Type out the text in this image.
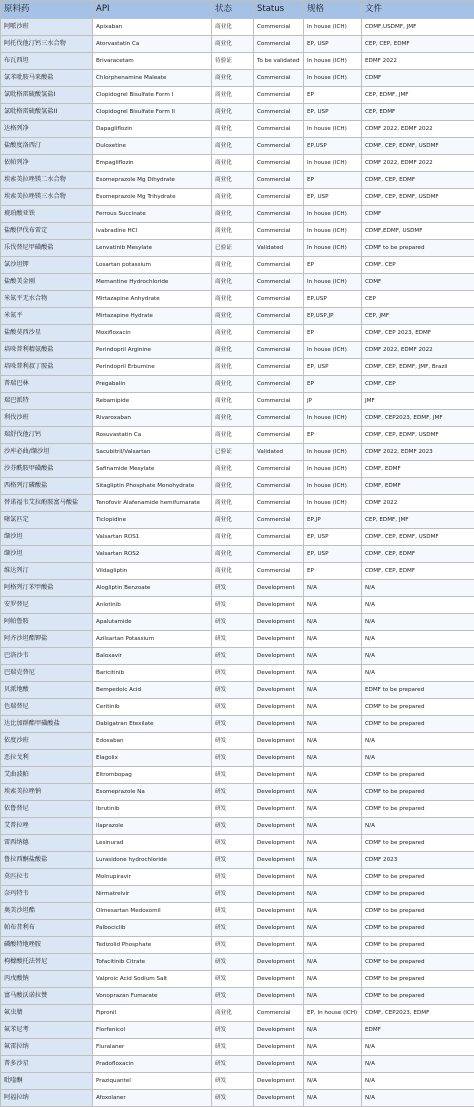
原料药	API	状态	Status	规格	文件
阿哌沙班	Apixaban	商业化	Commercial	In house (ICH)	CDMF,USDMF, JMF
阿托伐他汀钙三水合物	Atorvastatin Ca	商业化	Commercial	EP, USP	CEP, CEP, EDMF
布瓦西坦	Brivaracetam	待验证	To be validated	In house (ICH)	EDMF 2022
氯苯吡胺马来酸盐	Chlorphenamine Maleate	商业化	Commercial	In house (ICH)	CDMF
氯吡格雷硫酸氢盐I	Clopidogrel Bisulfate Form I	商业化	Commercial	EP	CEP, EDMF, JMF
氯吡格雷硫酸氢盐II	Clopidogrel Bisulfate Form II	商业化	Commercial	EP, USP	CEP, EDMF
达格列净	Dapagliflozin	商业化	Commercial	In house (ICH)	CDMF 2022, EDMF 2022
盐酸度洛西汀	Duloxetine	商业化	Commercial	EP,USP	CDMF, CEP, EDMF, USDMF
依帕列净	Empagliflozin	商业化	Commercial	In house (ICH)	CDMF 2022, EDMF 2022
埃索美拉唑镁二水合物	Esomeprazole Mg Dihydrate	商业化	Commercial	EP	CDMF, CEP, EDMF
埃索美拉唑镁三水合物	Esomeprazole Mg Trihydrate	商业化	Commercial	EP, USP	CDMF, CEP, EDMF, USDMF
琥珀酸亚铁	Ferrous Succinate	商业化	Commercial	In house (ICH)	CDMF
盐酸伊伐布雷定	Ivabradine HCl	商业化	Commercial	In house (ICH)	CDMF,EDMF, USDMF
乐伐替尼甲磺酸盐	Lenvatinib Mesylate	已验证	Validated	In house (ICH)	CDMF to be prepared
氯沙坦钾	Losartan potassium	商业化	Commercial	EP	CDMF, CEP
盐酸美金刚	Memantine Hydrochloride	商业化	Commercial	In house (ICH)	CDMF
米氮平无水合物	Mirtazapine Anhydrate	商业化	Commercial	EP,USP	CEP
米氮平	Mirtazapine Hydrate	商业化	Commercial	EP,USP,JP	CEP, JMF
盐酸莫西沙星	Moxifloxacin	商业化	Commercial	EP	CDMF, CEP 2023, EDMF
培哚普利精氨酸盐	Perindopril Arginine	商业化	Commercial	In house (ICH)	CDMF 2022, EDMF 2022
培哚普利叔丁胺盐	Perindopril Erbumine	商业化	Commercial	EP, USP	CDMF, CEP, EDMF, JMF, Brazil
普瑞巴林	Pregabalin	商业化	Commercial	EP	CDMF, CEP
瑞巴派特	Rebamipide	商业化	Commercial	JP	JMF
利伐沙班	Rivaroxaban	商业化	Commercial	In house (ICH)	CDMF, CEP2023, EDMF, JMF
瑞舒伐他汀钙	Rosuvastatin Ca	商业化	Commercial	EP	CDMF, CEP, EDMF, USDMF
沙库必曲/缬沙坦	Sacubitril/Valsartan	已验证	Validated	In house (ICH)	CDMF 2022, EDMF 2023
沙芬酰胺甲磺酸盐	Safinamide Mesylate	商业化	Commercial	In house (ICH)	CDMF, EDMF
西格列汀磷酸盐	Sitagliptin Phosphate Monohydrate	商业化	Commercial	In house (ICH)	CDMF, EDMF
替诺福韦艾拉酚胺富马酸盐	Tenofovir Alafenamide hemifumarate	商业化	Commercial	In house (ICH)	CDMF 2022
噻氯匹定	Ticlopidine	商业化	Commercial	EP,JP	CEP, EDMF, JMF
缬沙坦	Valsartan ROS1	商业化	Commercial	EP, USP	CDMF, CEP, EDMF, USDMF
缬沙坦	Valsartan ROS2	商业化	Commercial	EP, USP	CDMF, CEP, EDMF
维达列汀	Vildagliptin	商业化	Commercial	EP	CDMF, CEP, EDMF
阿格列汀苯甲酸盐	Alogliptin Benzoate	研发	Development	N/A	N/A
安罗替尼	Anlotinib	研发	Development	N/A	N/A
阿帕鲁胺	Apalutamide	研发	Development	N/A	N/A
阿齐沙坦酯钾盐	Azilsartan Potassium	研发	Development	N/A	N/A
巴洛沙韦	Baloxavir	研发	Development	N/A	N/A
巴瑞克替尼	Baricitinib	研发	Development	N/A	N/A
贝派地酸	Bempedoic Acid	研发	Development	N/A	EDMF to be prepared
色瑞替尼	Ceritinib	研发	Development	N/A	CDMF to be prepared
达比加群酯甲磺酸盐	Dabigatran Etexilate	研发	Development	N/A	CDMF to be prepared
依度沙班	Edoxaban	研发	Development	N/A	N/A
恶拉戈利	Elagolix	研发	Development	N/A	N/A
艾曲波帕	Eltrombopag	研发	Development	N/A	CDMF to be prepared
埃索美拉唑钠	Esomeprazole Na	研发	Development	N/A	CDMF to be prepared
依鲁替尼	Ibrutinib	研发	Development	N/A	CDMF to be prepared
艾普拉唑	Ilaprazole	研发	Development	N/A	N/A
雷西纳德	Lesinurad	研发	Development	N/A	CDMF to be prepared
鲁拉西酮盐酸盐	Lurasidone hydrochloride	研发	Development	N/A	CDMF 2023
莫匹拉韦	Molnupiravir	研发	Development	N/A	CDMF to be prepared
奈玛特韦	Nirmatrelvir	研发	Development	N/A	CDMF to be prepared
奥美沙坦酯	Olmesartan Medoxomil	研发	Development	N/A	CDMF to be prepared
帕布昔利布	Palbociclib	研发	Development	N/A	CDMF to be prepared
磷酸特地唑胺	Tedizolid Phosphate	研发	Development	N/A	CDMF to be prepared
枸橼酸托法替尼	Tofacitinib Citrate	研发	Development	N/A	CDMF to be prepared
丙戊酸钠	Valproic Acid Sodium Salt	研发	Development	N/A	CDMF to be prepared
富马酸沃诺拉赞	Vonoprazan Fumarate	研发	Development	N/A	CDMF to be prepared
氟虫腈	Fipronil	商业化	Commercial	EP, In house (ICH)	CDMF, CEP2023, EDMF
氟苯尼考	Florfenicol	研发	Development	N/A	EDMF
氟雷拉纳	Fluralaner	研发	Development	N/A	N/A
普多沙星	Pradofloxacin	研发	Development	N/A	N/A
吡喹酮	Praziquantel	研发	Development	N/A	N/A
阿福拉纳	Afoxolaner	研发	Development	N/A	N/A
